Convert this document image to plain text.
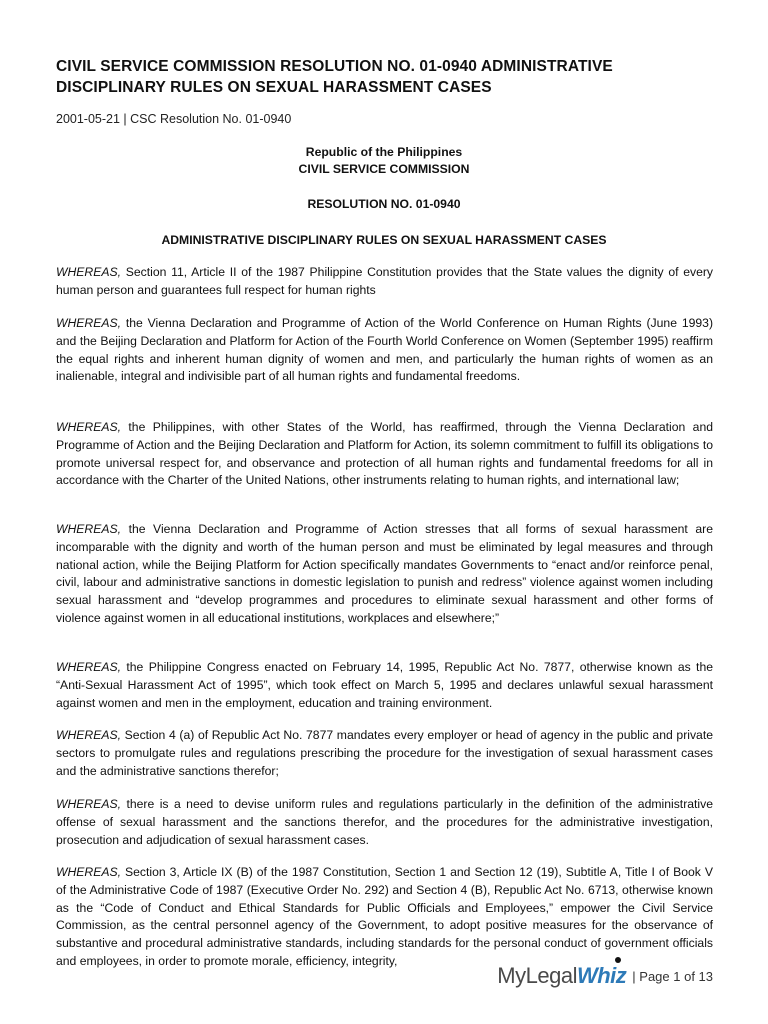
CIVIL SERVICE COMMISSION RESOLUTION NO. 01-0940 ADMINISTRATIVE DISCIPLINARY RULES ON SEXUAL HARASSMENT CASES
2001-05-21 | CSC Resolution No. 01-0940
Republic of the Philippines
CIVIL SERVICE COMMISSION
RESOLUTION NO. 01-0940
ADMINISTRATIVE DISCIPLINARY RULES ON SEXUAL HARASSMENT CASES

WHEREAS, Section 11, Article II of the 1987 Philippine Constitution provides that the State values the dignity of every human person and guarantees full respect for human rights

WHEREAS, the Vienna Declaration and Programme of Action of the World Conference on Human Rights (June 1993) and the Beijing Declaration and Platform for Action of the Fourth World Conference on Women (September 1995) reaffirm the equal rights and inherent human dignity of women and men, and particularly the human rights of women as an inalienable, integral and indivisible part of all human rights and fundamental freedoms.

WHEREAS, the Philippines, with other States of the World, has reaffirmed, through the Vienna Declaration and Programme of Action and the Beijing Declaration and Platform for Action, its solemn commitment to fulfill its obligations to promote universal respect for, and observance and protection of all human rights and fundamental freedoms for all in accordance with the Charter of the United Nations, other instruments relating to human rights, and international law;

WHEREAS, the Vienna Declaration and Programme of Action stresses that all forms of sexual harassment are incomparable with the dignity and worth of the human person and must be eliminated by legal measures and through national action, while the Beijing Platform for Action specifically mandates Governments to “enact and/or reinforce penal, civil, labour and administrative sanctions in domestic legislation to punish and redress” violence against women including sexual harassment and “develop programmes and procedures to eliminate sexual harassment and other forms of violence against women in all educational institutions, workplaces and elsewhere;”

WHEREAS, the Philippine Congress enacted on February 14, 1995, Republic Act No. 7877, otherwise known as the “Anti-Sexual Harassment Act of 1995”, which took effect on March 5, 1995 and declares unlawful sexual harassment against women and men in the employment, education and training environment.

WHEREAS, Section 4 (a) of Republic Act No. 7877 mandates every employer or head of agency in the public and private sectors to promulgate rules and regulations prescribing the procedure for the investigation of sexual harassment cases and the administrative sanctions therefor;

WHEREAS, there is a need to devise uniform rules and regulations particularly in the definition of the administrative offense of sexual harassment and the sanctions therefor, and the procedures for the administrative investigation, prosecution and adjudication of sexual harassment cases.

WHEREAS, Section 3, Article IX (B) of the 1987 Constitution, Section 1 and Section 12 (19), Subtitle A, Title I of Book V of the Administrative Code of 1987 (Executive Order No. 292) and Section 4 (B), Republic Act No. 6713, otherwise known as the “Code of Conduct and Ethical Standards for Public Officials and Employees,” empower the Civil Service Commission, as the central personnel agency of the Government, to adopt positive measures for the observance of substantive and procedural administrative standards, including standards for the personal conduct of government officials and employees, in order to promote morale, efficiency, integrity,

MyLegalWhiz | Page 1 of 13
